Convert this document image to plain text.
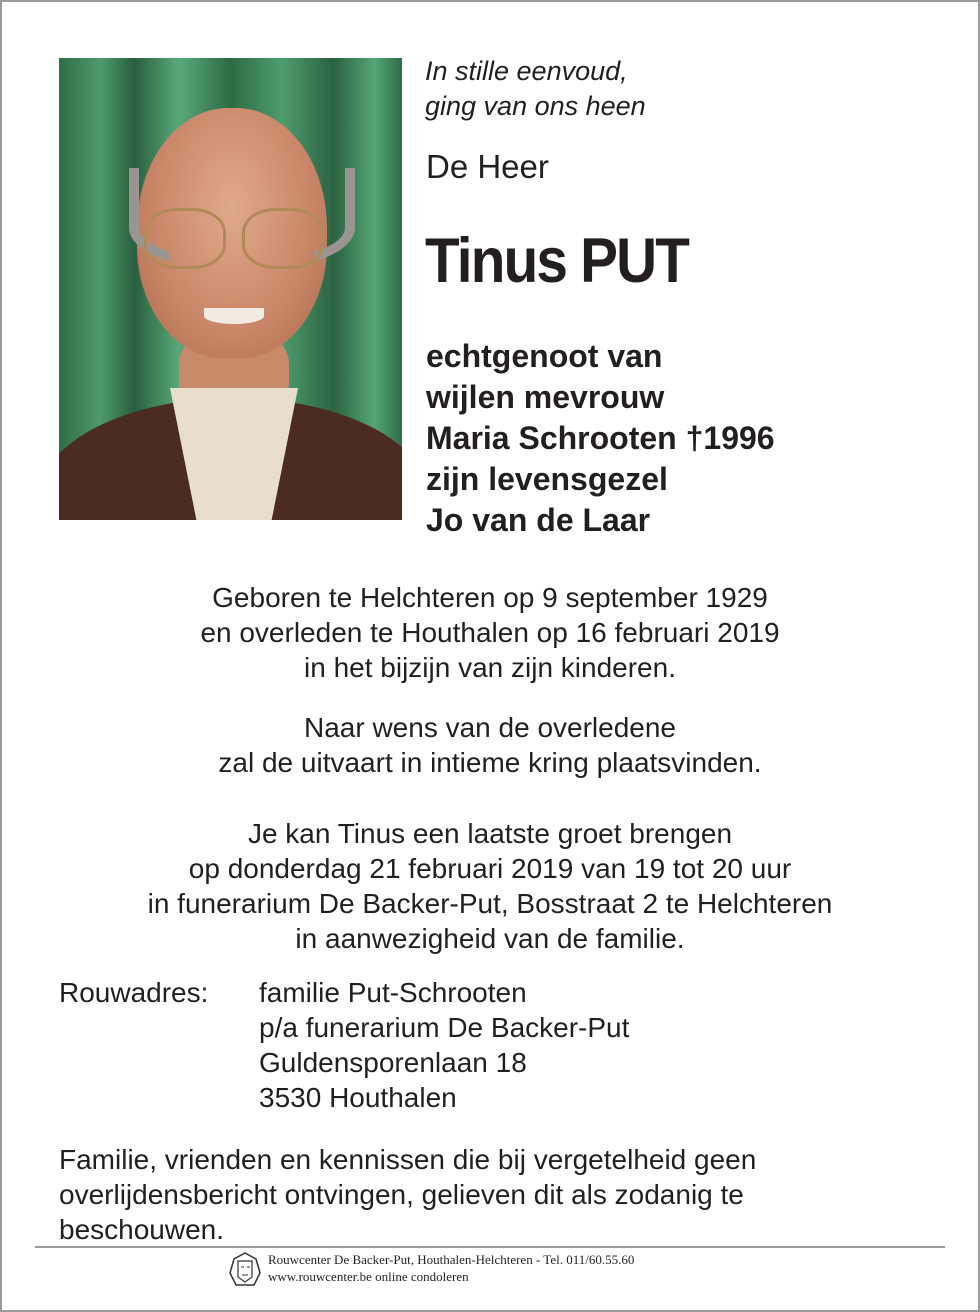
In stille eenvoud,
ging van ons heen
De Heer
Tinus PUT
echtgenoot van
wijlen mevrouw
Maria Schrooten †1996
zijn levensgezel
Jo van de Laar
Geboren te Helchteren op 9 september 1929
en overleden te Houthalen op 16 februari 2019
in het bijzijn van zijn kinderen.
Naar wens van de overledene
zal de uitvaart in intieme kring plaatsvinden.
Je kan Tinus een laatste groet brengen
op donderdag 21 februari 2019 van 19 tot 20 uur
in funerarium De Backer-Put, Bosstraat 2 te Helchteren
in aanwezigheid van de familie.
Rouwadres: familie Put-Schrooten
p/a funerarium De Backer-Put
Guldensporenlaan 18
3530 Houthalen
Familie, vrienden en kennissen die bij vergetelheid geen overlijdensbericht ontvingen, gelieven dit als zodanig te beschouwen.
Rouwcenter De Backer-Put, Houthalen-Helchteren - Tel. 011/60.55.60
www.rouwcenter.be online condoleren
